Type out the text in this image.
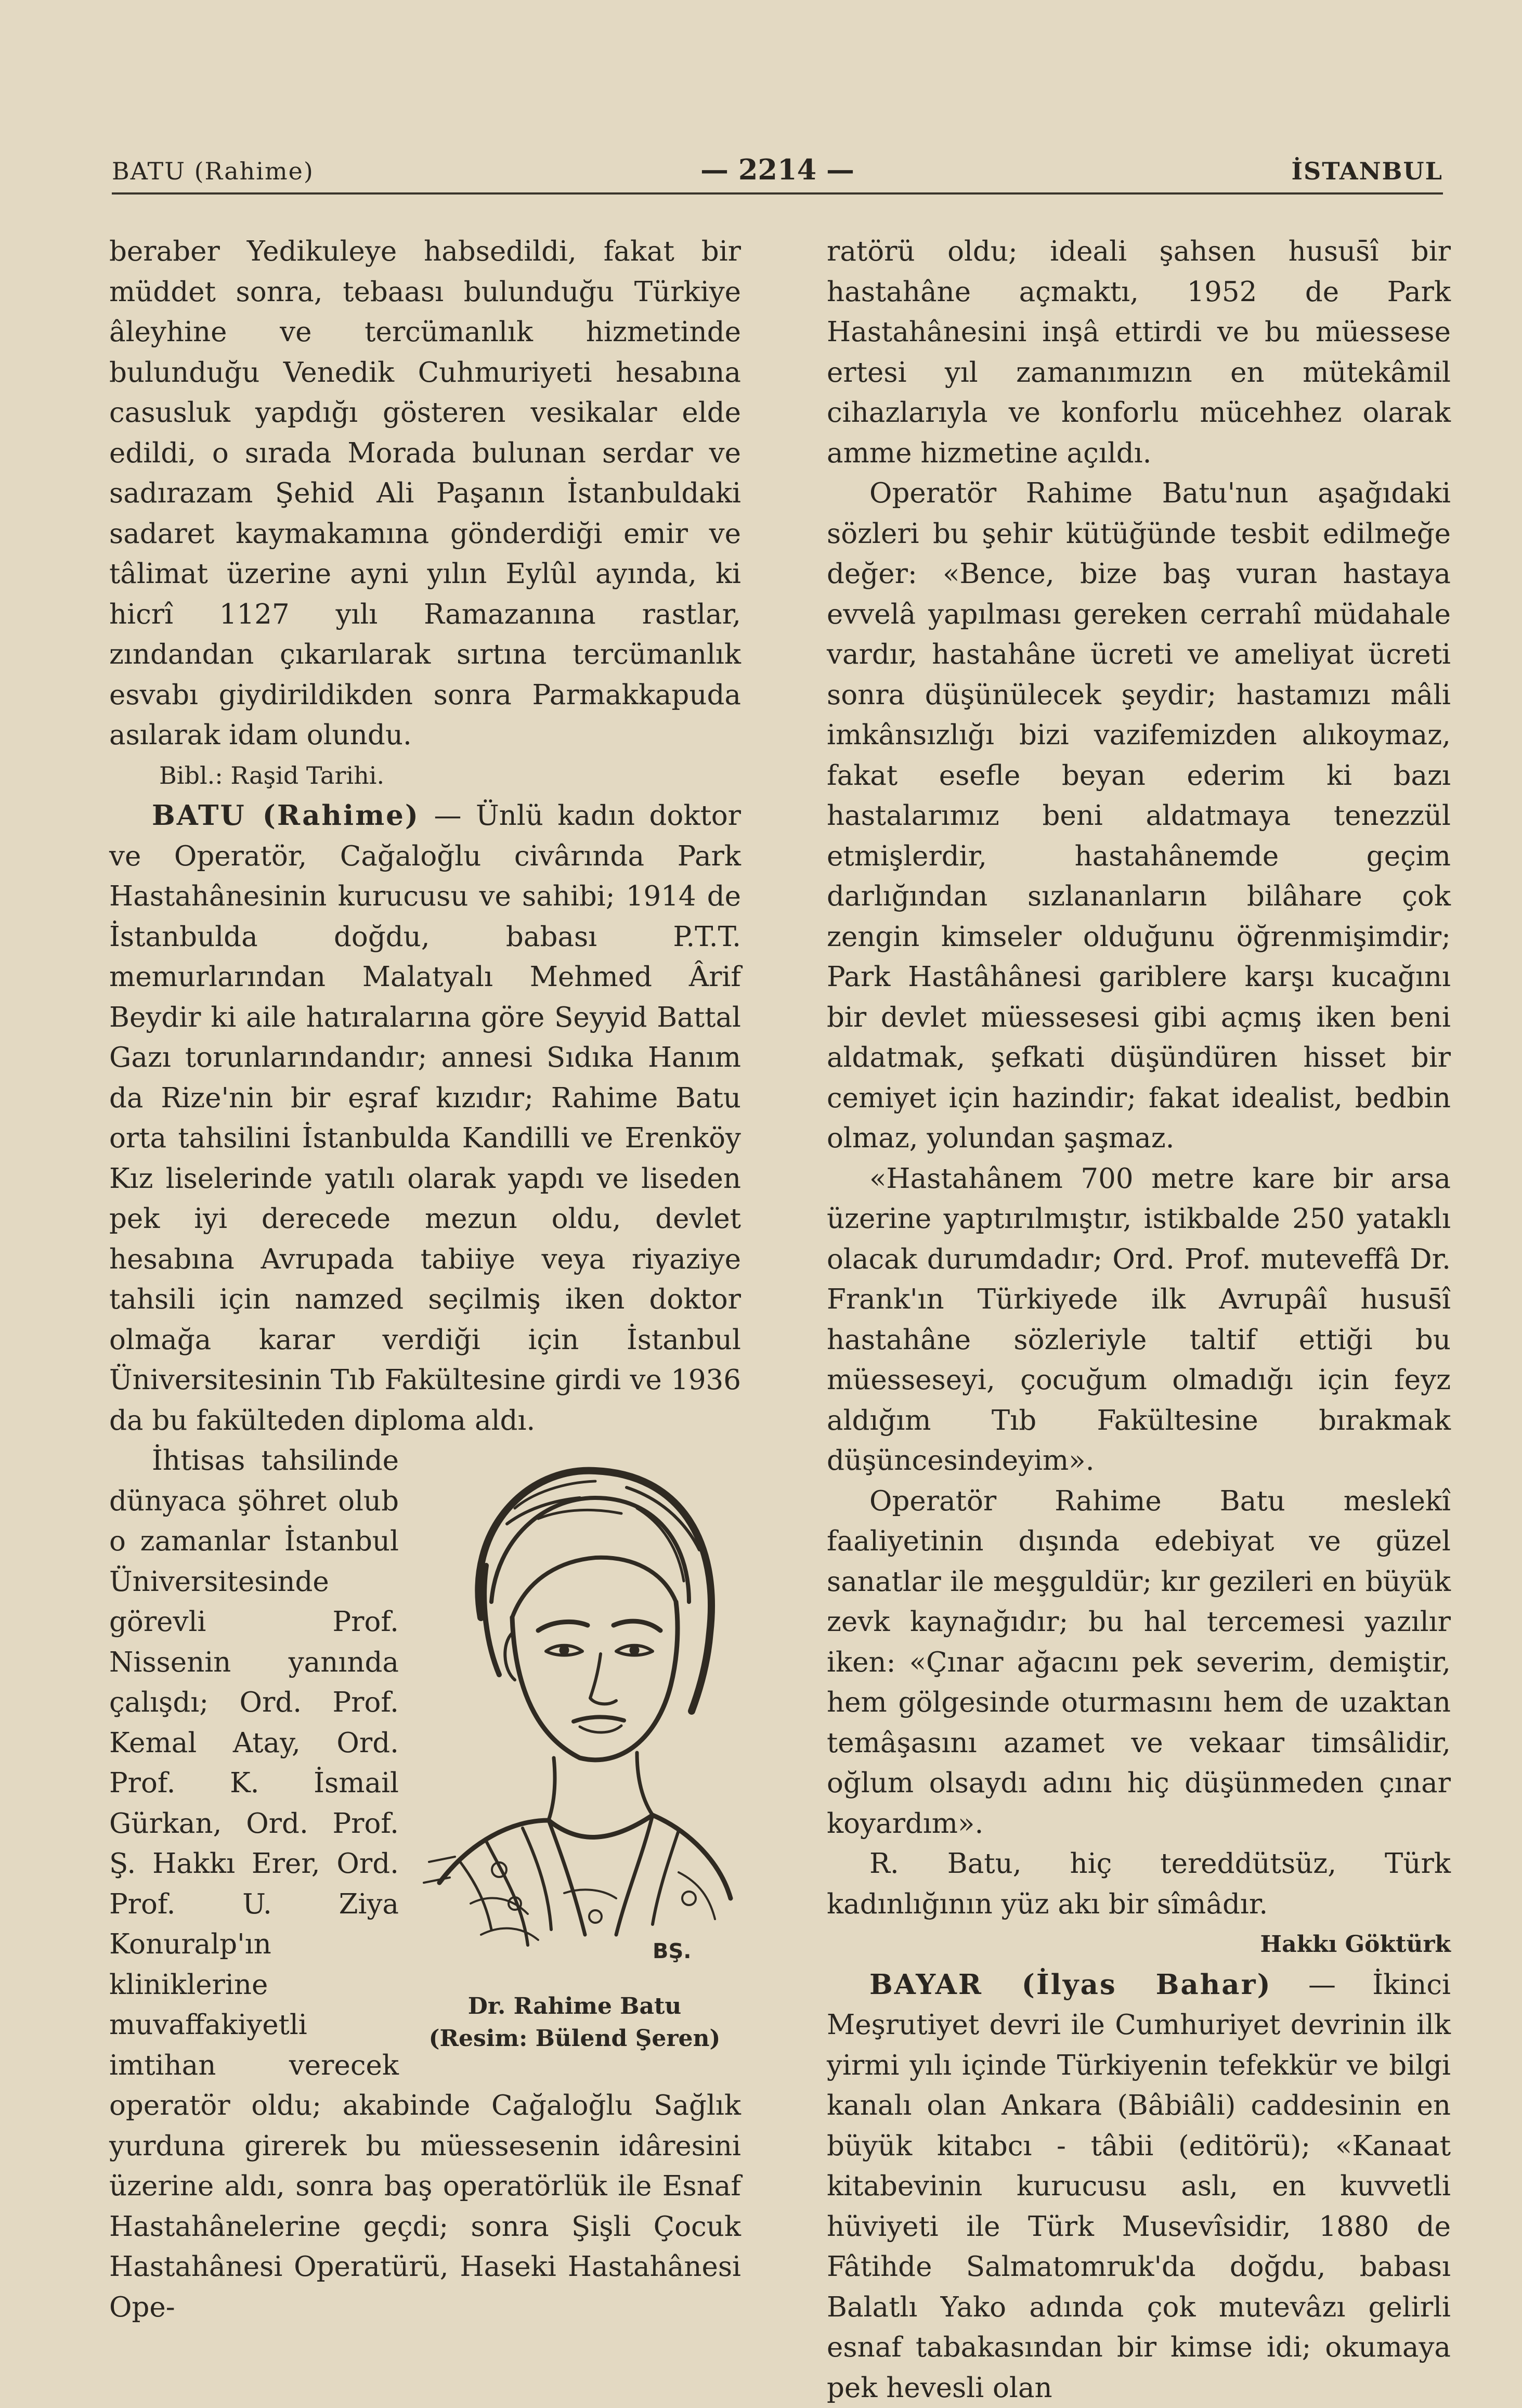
BATU (Rahime)	— 2214 —	İSTANBUL

beraber Yedikuleye habsedildi, fakat bir müddet sonra, tebaası bulunduğu Türkiye âleyhine ve tercümanlık hizmetinde bulunduğu Venedik Cuhmuriyeti hesabına casusluk yapdığı gösteren vesikalar elde edildi, o sırada Morada bulunan serdar ve sadırazam Şehid Ali Paşanın İstanbuldaki sadaret kaymakamına gönderdiği emir ve tâlimat üzerine ayni yılın Eylûl ayında, ki hicrî 1127 yılı Ramazanına rastlar, zındandan çıkarılarak sırtına tercümanlık esvabı giydirildikden sonra Parmakkapuda asılarak idam olundu.

Bibl.: Raşid Tarihi.

BATU (Rahime) — Ünlü kadın doktor ve Operatör, Cağaloğlu civârında Park Hastahânesinin kurucusu ve sahibi; 1914 de İstanbulda doğdu, babası P.T.T. memurlarından Malatyalı Mehmed Ârif Beydir ki aile hatıralarına göre Seyyid Battal Gazı torunlarındandır; annesi Sıdıka Hanım da Rize'nin bir eşraf kızıdır; Rahime Batu orta tahsilini İstanbulda Kandilli ve Erenköy Kız liselerinde yatılı olarak yapdı ve liseden pek iyi derecede mezun oldu, devlet hesabına Avrupada tabiiye veya riyaziye tahsili için namzed seçilmiş iken doktor olmağa karar verdiği için İstanbul Üniversitesinin Tıb Fakültesine girdi ve 1936 da bu fakülteden diploma aldı.

BŞ.
Dr. Rahime Batu
(Resim: Bülend Şeren)

İhtisas tahsilinde dünyaca şöhret olub o zamanlar İstanbul Üniversitesinde görevli Prof. Nissenin yanında çalışdı; Ord. Prof. Kemal Atay, Ord. Prof. K. İsmail Gürkan, Ord. Prof. Ş. Hakkı Erer, Ord. Prof. U. Ziya Konuralp'ın kliniklerine muvaffakiyetli imtihan verecek operatör oldu; akabinde Cağaloğlu Sağlık yurduna girerek bu müessesenin idâresini üzerine aldı, sonra baş operatörlük ile Esnaf Hastahânelerine geçdi; sonra Şişli Çocuk Hastahânesi Operatürü, Haseki Hastahânesi Ope-

ratörü oldu; ideali şahsen husus̄î bir hastahâne açmaktı, 1952 de Park Hastahânesini inşâ ettirdi ve bu müessese ertesi yıl zamanımızın en mütekâmil cihazlarıyla ve konforlu mücehhez olarak amme hizmetine açıldı.

Operatör Rahime Batu'nun aşağıdaki sözleri bu şehir kütüğünde tesbit edilmeğe değer: «Bence, bize baş vuran hastaya evvelâ yapılması gereken cerrahî müdahale vardır, hastahâne ücreti ve ameliyat ücreti sonra düşünülecek şeydir; hastamızı mâli imkânsızlığı bizi vazifemizden alıkoymaz, fakat esefle beyan ederim ki bazı hastalarımız beni aldatmaya tenezzül etmişlerdir, hastahânemde geçim darlığından sızlananların bilâhare çok zengin kimseler olduğunu öğrenmişimdir; Park Hastâhânesi gariblere karşı kucağını bir devlet müessesesi gibi açmış iken beni aldatmak, şefkati düşündüren hisset bir cemiyet için hazindir; fakat idealist, bedbin olmaz, yolundan şaşmaz.

«Hastahânem 700 metre kare bir arsa üzerine yaptırılmıştır, istikbalde 250 yataklı olacak durumdadır; Ord. Prof. muteveffâ Dr. Frank'ın Türkiyede ilk Avrupâî husus̄î hastahâne sözleriyle taltif ettiği bu müesseseyi, çocuğum olmadığı için feyz aldığım Tıb Fakültesine bırakmak düşüncesindeyim».

Operatör Rahime Batu meslekî faaliyetinin dışında edebiyat ve güzel sanatlar ile meşguldür; kır gezileri en büyük zevk kaynağıdır; bu hal tercemesi yazılır iken: «Çınar ağacını pek severim, demiştir, hem gölgesinde oturmasını hem de uzaktan temâşasını azamet ve vekaar timsâlidir, oğlum olsaydı adını hiç düşünmeden çınar koyardım».

R. Batu, hiç tereddütsüz, Türk kadınlığının yüz akı bir sîmâdır.

Hakkı Göktürk

BAYAR (İlyas Bahar) — İkinci Meşrutiyet devri ile Cumhuriyet devrinin ilk yirmi yılı içinde Türkiyenin tefekkür ve bilgi kanalı olan Ankara (Bâbiâli) caddesinin en büyük kitabcı - tâbii (editörü); «Kanaat kitabevinin kurucusu aslı, en kuvvetli hüviyeti ile Türk Musevîsidir, 1880 de Fâtihde Salmatomruk'da doğdu, babası Balatlı Yako adında çok mutevâzı gelirli esnaf tabakasından bir kimse idi; okumaya pek hevesli olan
